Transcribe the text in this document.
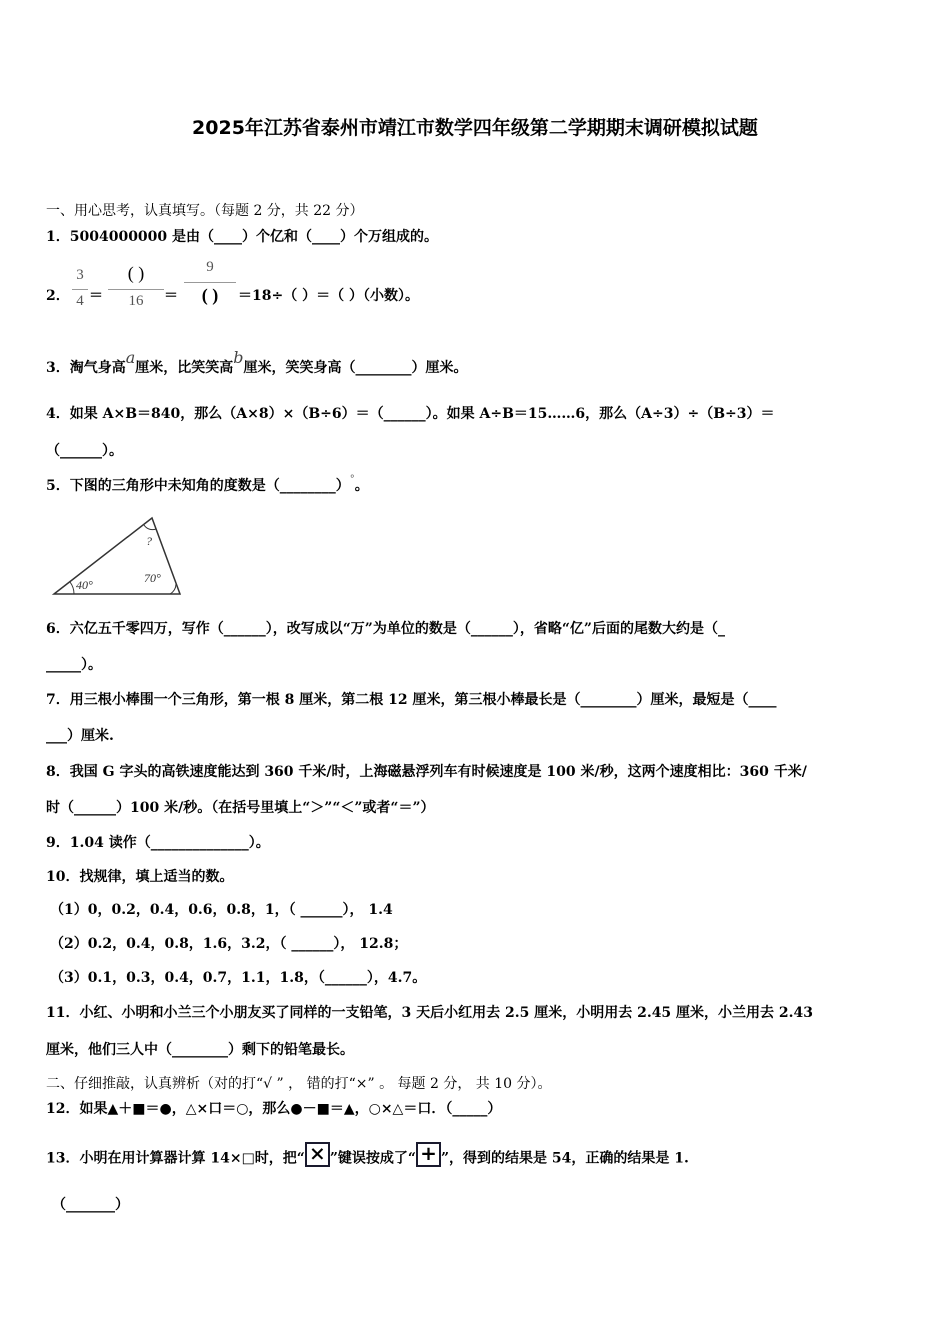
2025年江苏省泰州市靖江市数学四年级第二学期期末调研模拟试题
一、用心思考，认真填写。（每题 2 分，共 22 分）
1．5004000000 是由（____）个亿和（____）个万组成的。
2．
3
4 ＝
( )
16	＝
9
( )	＝18÷（ ）＝（ ）（小数）。
3．淘气身高a厘米，比笑笑高b厘米，笑笑身高（________）厘米。
4．如果 A×B＝840，那么（A×8）×（B÷6）＝（______）。如果 A÷B＝15……6，那么（A÷3）÷（B÷3）＝
（______）。
5．下图的三角形中未知角的度数是（________）°。
?
40°	70°
6．六亿五千零四万，写作（______），改写成以“万”为单位的数是（______），省略“亿”后面的尾数大约是（_
_____）。
7．用三根小棒围一个三角形，第一根 8 厘米，第二根 12 厘米，第三根小棒最长是（________）厘米，最短是（____
___）厘米.
8．我国 G 字头的高铁速度能达到 360 千米/时，上海磁悬浮列车有时候速度是 100 米/秒，这两个速度相比：360 千米/
时（______）100 米/秒。（在括号里填上“＞”“＜”或者“＝”）
9．1.04 读作（______________）。
10．找规律，填上适当的数。
（1）0，0.2，0.4，0.6，0.8，1，（ ______）， 1.4
（2）0.2，0.4，0.8，1.6，3.2，（ ______）， 12.8；
（3）0.1，0.3，0.4，0.7，1.1，1.8，（______），4.7。
11．小红、小明和小兰三个小朋友买了同样的一支铅笔，3 天后小红用去 2.5 厘米，小明用去 2.45 厘米，小兰用去 2.43
厘米，他们三人中（________）剩下的铅笔最长。
二、仔细推敲，认真辨析（对的打“√ ” ， 错的打“×” 。 每题 2 分， 共 10 分）。
12．如果▲＋■＝●，△×口＝○，那么●－■＝▲，○×△＝口．（_____）
13．小明在用计算器计算 14×□时，把“ × ”键误按成了“ + ”，得到的结果是 54，正确的结果是 1.
（_______）
